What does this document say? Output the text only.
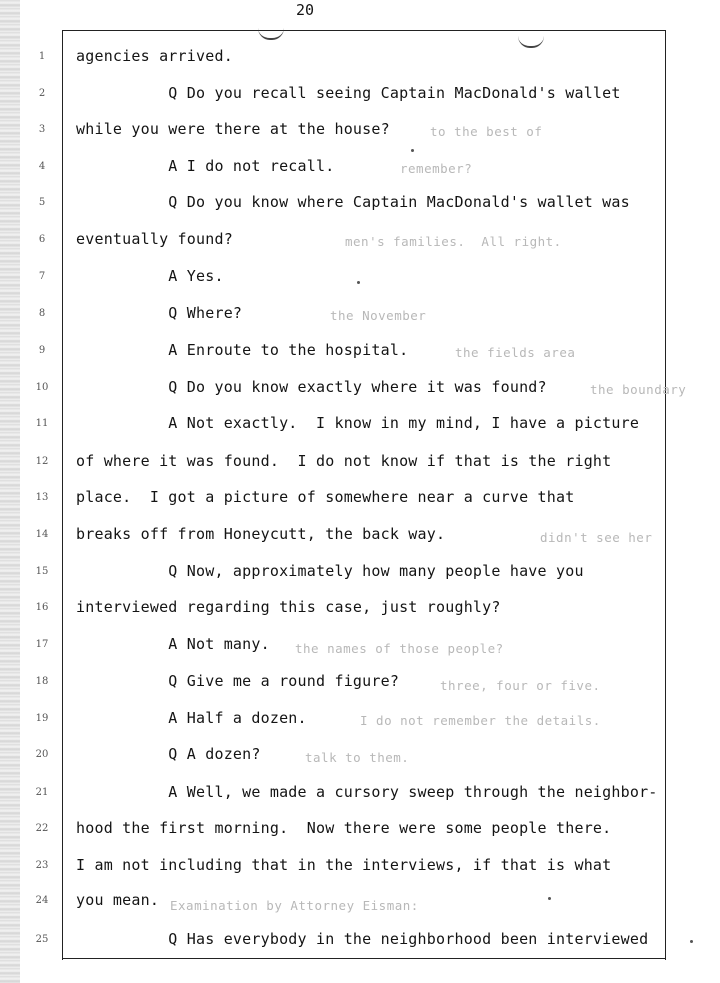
20
to the best of
remember?
men's families.  All right.
the November
the fields area
the boundary
didn't see her
the names of those people?
three, four or five.
I do not remember the details.
talk to them.
Examination by Attorney Eisman:
1
2
3
4
5
6
7
8
9
10
11
12
13
14
15
16
17
18
19
20
21
22
23
24
25
agencies arrived.
Q Do you recall seeing Captain MacDonald's wallet
while you were there at the house?
A I do not recall.
Q Do you know where Captain MacDonald's wallet was
eventually found?
A Yes.
Q Where?
A Enroute to the hospital.
Q Do you know exactly where it was found?
A Not exactly.  I know in my mind, I have a picture
of where it was found.  I do not know if that is the right
place.  I got a picture of somewhere near a curve that
breaks off from Honeycutt, the back way.
Q Now, approximately how many people have you
interviewed regarding this case, just roughly?
A Not many.
Q Give me a round figure?
A Half a dozen.
Q A dozen?
A Well, we made a cursory sweep through the neighbor-
hood the first morning.  Now there were some people there.
I am not including that in the interviews, if that is what
you mean.
Q Has everybody in the neighborhood been interviewed
